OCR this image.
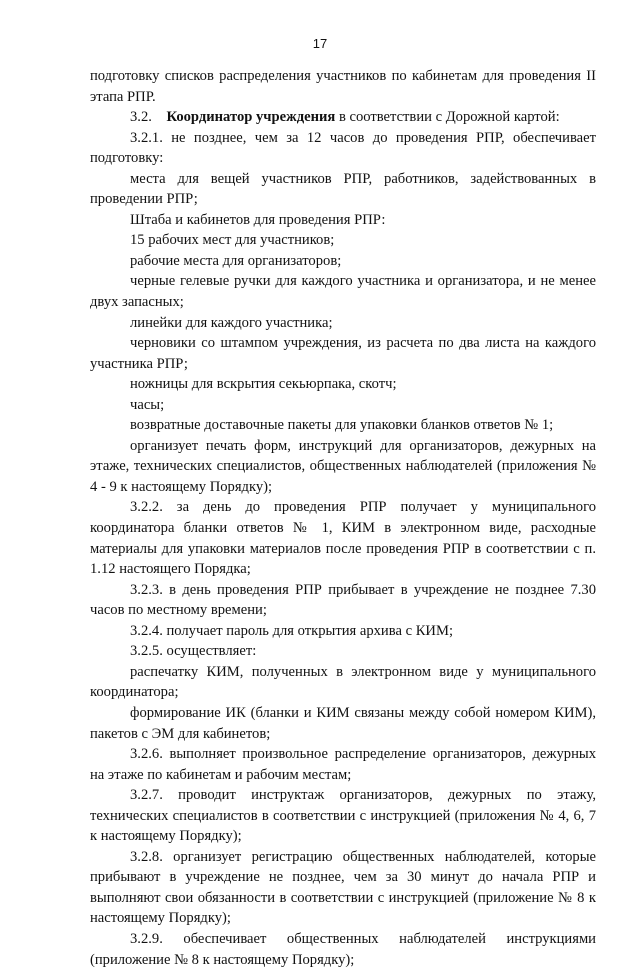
17

подготовку списков распределения участников по кабинетам для проведения II этапа РПР.

3.2. Координатор учреждения в соответствии с Дорожной картой:

3.2.1. не позднее, чем за 12 часов до проведения РПР, обеспечивает подготовку:

места для вещей участников РПР, работников, задействованных в проведении РПР;

Штаба и кабинетов для проведения РПР:

15 рабочих мест для участников;

рабочие места для организаторов;

черные гелевые ручки для каждого участника и организатора, и не менее двух запасных;

линейки для каждого участника;

черновики со штампом учреждения, из расчета по два листа на каждого участника РПР;

ножницы для вскрытия секьюрпака, скотч;

часы;

возвратные доставочные пакеты для упаковки бланков ответов № 1;

организует печать форм, инструкций для организаторов, дежурных на этаже, технических специалистов, общественных наблюдателей (приложения № 4 - 9 к настоящему Порядку);

3.2.2. за день до проведения РПР получает у муниципального координатора бланки ответов № 1, КИМ в электронном виде, расходные материалы для упаковки материалов после проведения РПР в соответствии с п. 1.12 настоящего Порядка;

3.2.3. в день проведения РПР прибывает в учреждение не позднее 7.30 часов по местному времени;

3.2.4. получает пароль для открытия архива с КИМ;

3.2.5. осуществляет:

распечатку КИМ, полученных в электронном виде у муниципального координатора;

формирование ИК (бланки и КИМ связаны между собой номером КИМ), пакетов с ЭМ для кабинетов;

3.2.6. выполняет произвольное распределение организаторов, дежурных на этаже по кабинетам и рабочим местам;

3.2.7. проводит инструктаж организаторов, дежурных по этажу, технических специалистов в соответствии с инструкцией (приложения № 4, 6, 7 к настоящему Порядку);

3.2.8. организует регистрацию общественных наблюдателей, которые прибывают в учреждение не позднее, чем за 30 минут до начала РПР и выполняют свои обязанности в соответствии с инструкцией (приложение № 8 к настоящему Порядку);

3.2.9. обеспечивает общественных наблюдателей инструкциями (приложение № 8 к настоящему Порядку);
